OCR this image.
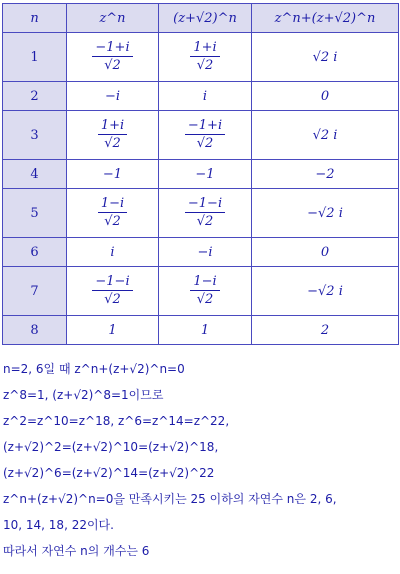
n	z^n	(z+√2)^n	z^n+(z+√2)^n
1	$\frac{-1+i}{√2}$	$\frac{1+i}{√2}$	√2 i
2	−i	i	0
3	$\frac{1+i}{√2}$	$\frac{-1+i}{√2}$	√2 i
4	−1	−1	−2
5	$\frac{1-i}{√2}$	$\frac{-1-i}{√2}$	−√2 i
6	i	−i	0
7	$\frac{-1-i}{√2}$	$\frac{1-i}{√2}$	−√2 i
8	1	1	2

n=2, 6일 때 z^n+(z+√2)^n=0

z^8=1, (z+√2)^8=1이므로

z^2=z^10=z^18, z^6=z^14=z^22,

(z+√2)^2=(z+√2)^10=(z+√2)^18,

(z+√2)^6=(z+√2)^14=(z+√2)^22

z^n+(z+√2)^n=0을 만족시키는 25 이하의 자연수 n은 2, 6,

10, 14, 18, 22이다.

따라서 자연수 n의 개수는 6
